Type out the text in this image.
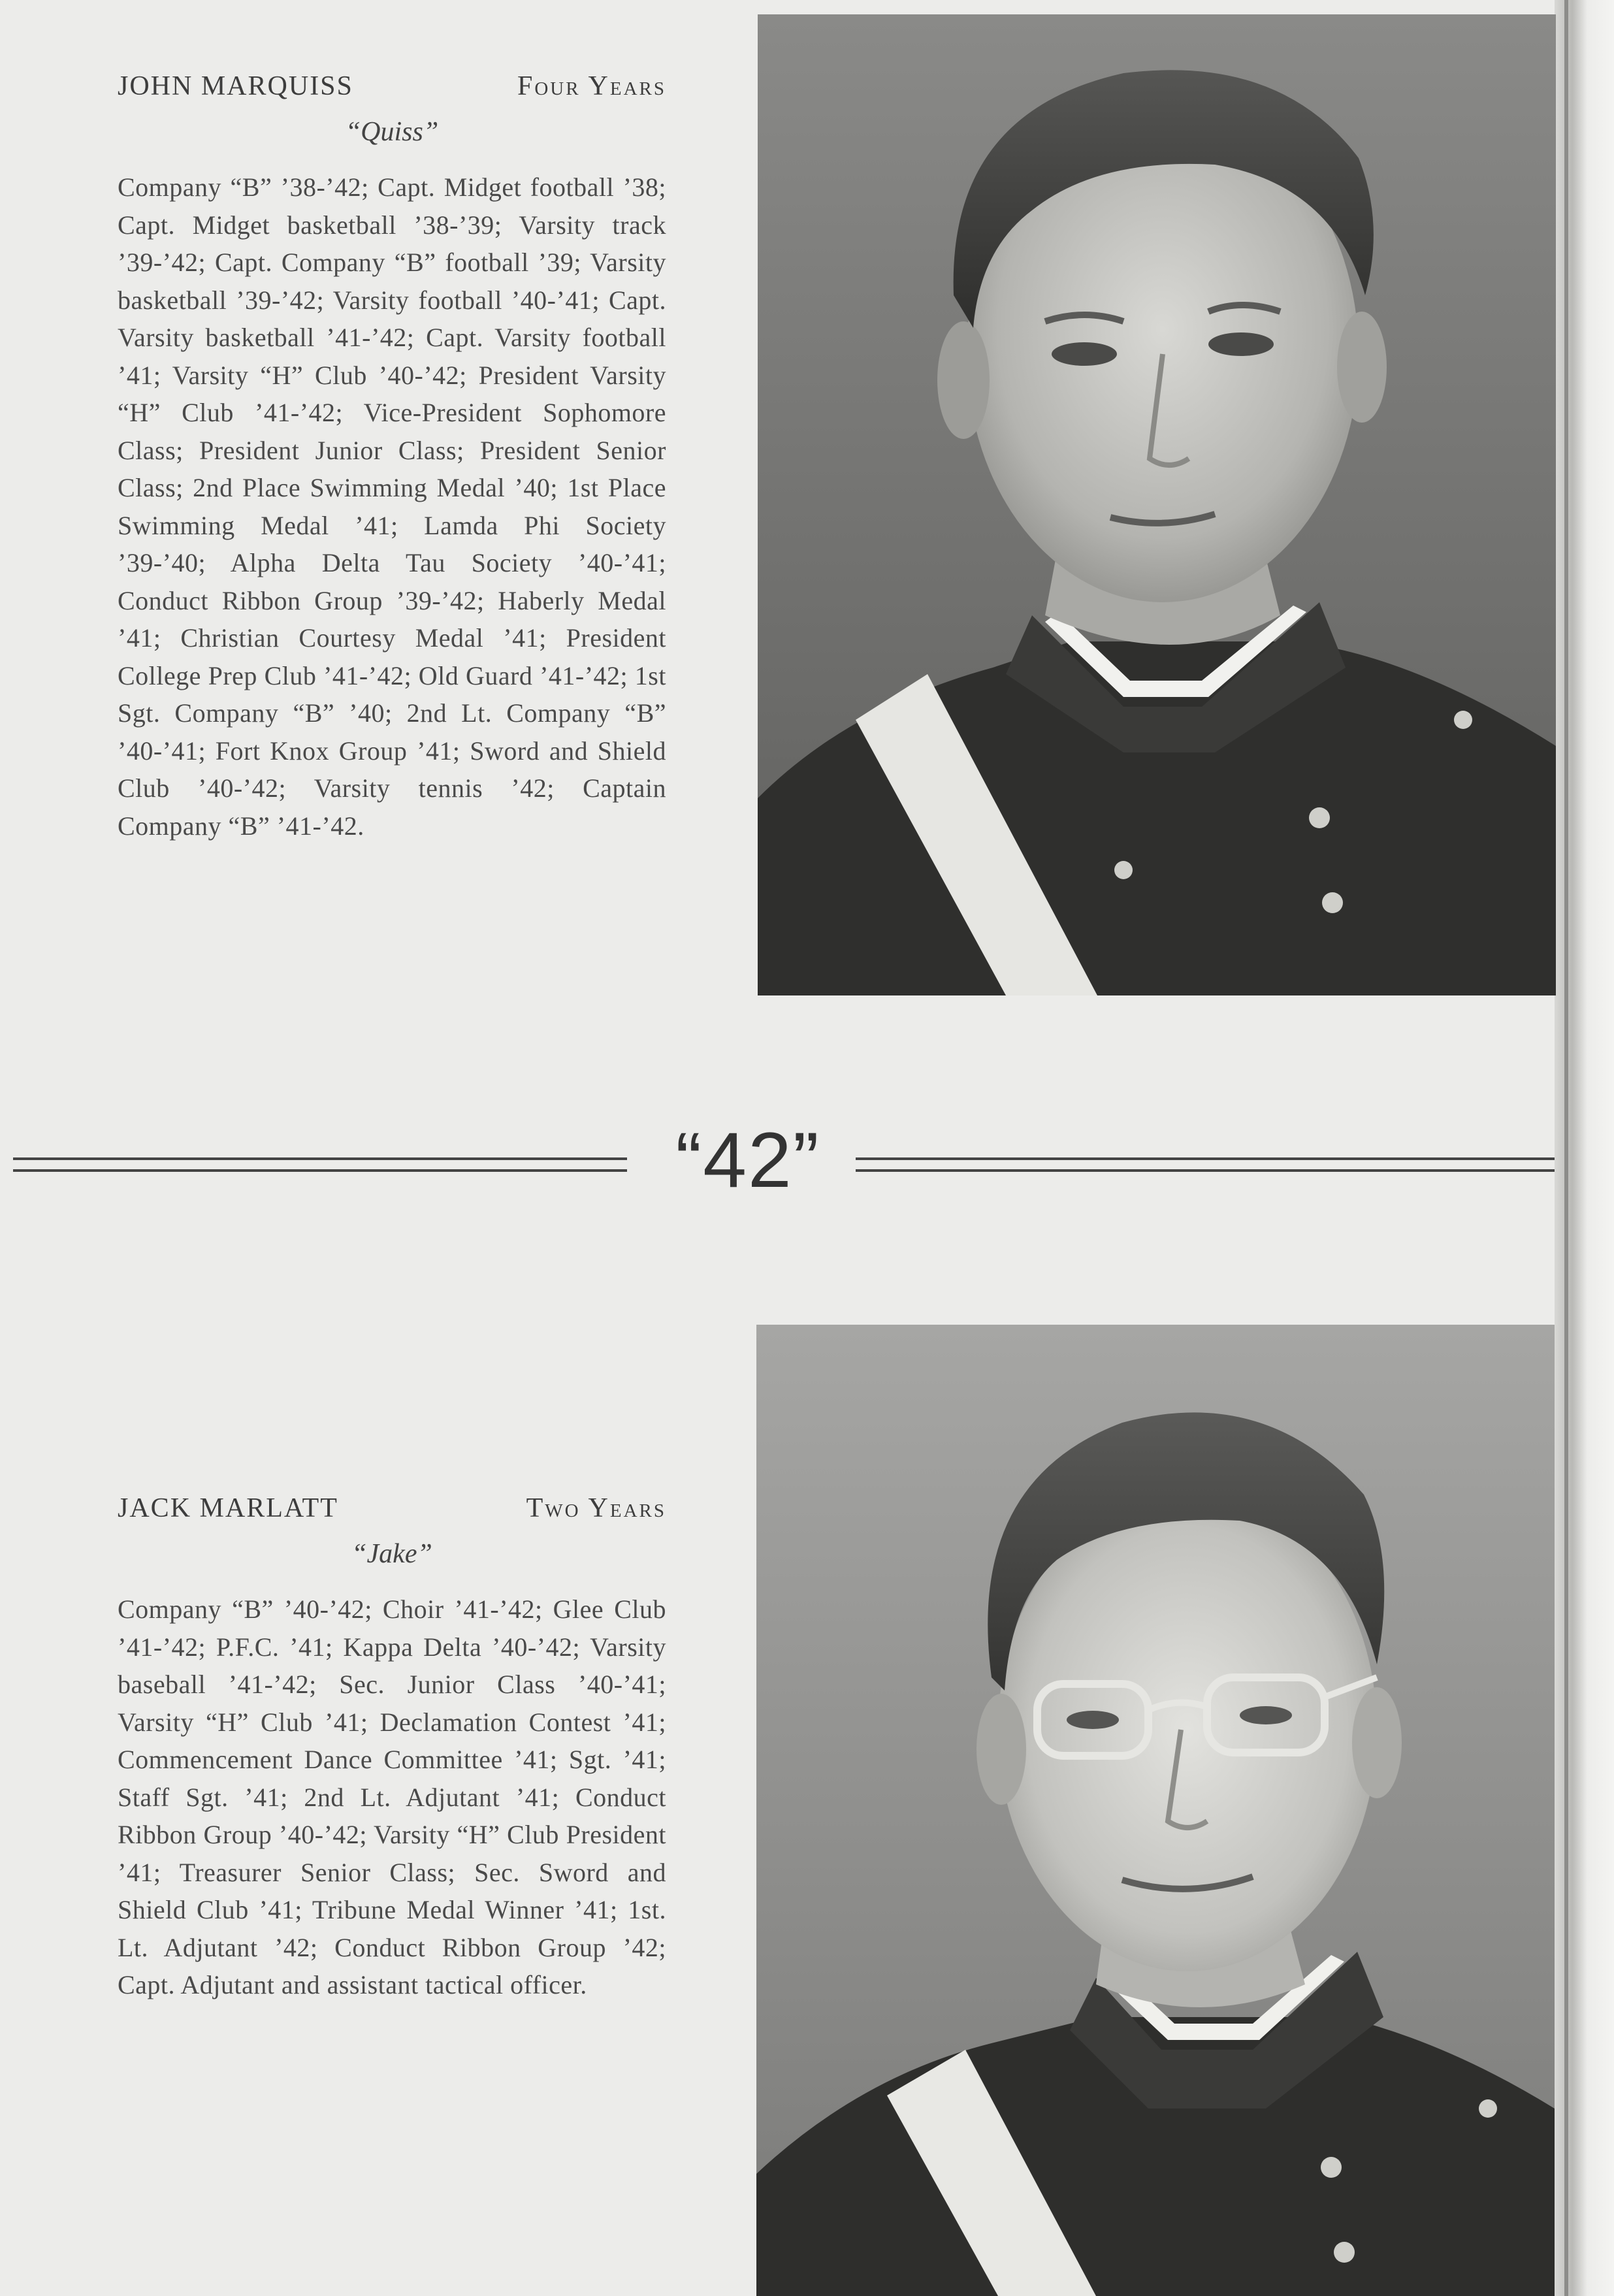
JOHN MARQUISS	Four Years
“Quiss”
Company “B” ’38-’42; Capt. Midget football ’38; Capt. Midget basketball ’38-’39; Varsity track ’39-’42; Capt. Company “B” football ’39; Varsity basketball ’39-’42; Varsity football ’40-’41; Capt. Varsity basketball ’41-’42; Capt. Varsity football ’41; Varsity “H” Club ’40-’42; President Varsity “H” Club ’41-’42; Vice-President Sophomore Class; President Junior Class; President Senior Class; 2nd Place Swimming Medal ’40; 1st Place Swimming Medal ’41; Lamda Phi Society ’39-’40; Alpha Delta Tau Society ’40-’41; Conduct Ribbon Group ’39-’42; Haberly Medal ’41; Christian Courtesy Medal ’41; President College Prep Club ’41-’42; Old Guard ’41-’42; 1st Sgt. Company “B” ’40; 2nd Lt. Company “B” ’40-’41; Fort Knox Group ’41; Sword and Shield Club ’40-’42; Varsity tennis ’42; Captain Company “B” ’41-’42.
“42”
JACK MARLATT	Two Years
“Jake”
Company “B” ’40-’42; Choir ’41-’42; Glee Club ’41-’42; P.F.C. ’41; Kappa Delta ’40-’42; Varsity baseball ’41-’42; Sec. Junior Class ’40-’41; Varsity “H” Club ’41; Declamation Contest ’41; Commencement Dance Committee ’41; Sgt. ’41; Staff Sgt. ’41; 2nd Lt. Adjutant ’41; Conduct Ribbon Group ’40-’42; Varsity “H” Club President ’41; Treasurer Senior Class; Sec. Sword and Shield Club ’41; Tribune Medal Winner ’41; 1st. Lt. Adjutant ’42; Conduct Ribbon Group ’42; Capt. Adjutant and assistant tactical officer.
